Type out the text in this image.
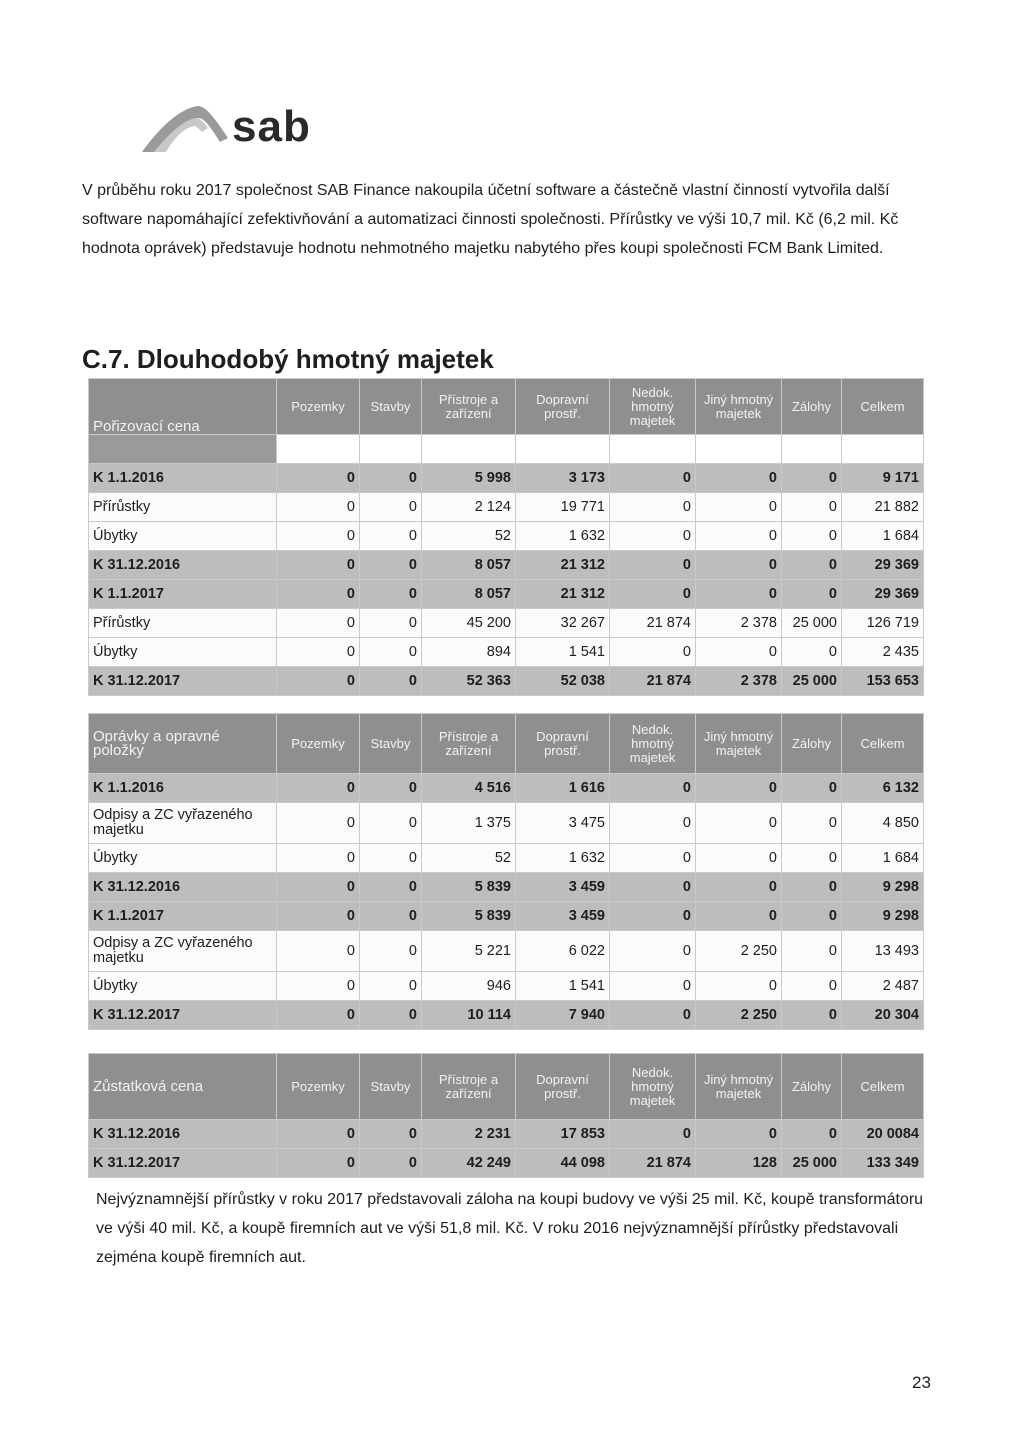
sab
V průběhu roku 2017 společnost SAB Finance nakoupila účetní software a částečně vlastní činností vytvořila další software napomáhající zefektivňování a automatizaci činnosti společnosti. Přírůstky ve výši 10,7 mil. Kč (6,2 mil. Kč hodnota oprávek) představuje hodnotu nehmotného majetku nabytého přes koupi společnosti FCM Bank Limited.
C.7. Dlouhodobý hmotný majetek
Pořizovací cena	Pozemky	Stavby	Přístroje a zařízení	Dopravní prostř.	Nedok. hmotný majetek	Jiný hmotný majetek	Zálohy	Celkem

K 1.1.2016	0	0	5 998	3 173	0	0	0	9 171
Přírůstky	0	0	2 124	19 771	0	0	0	21 882
Úbytky	0	0	52	1 632	0	0	0	1 684
K 31.12.2016	0	0	8 057	21 312	0	0	0	29 369
K 1.1.2017	0	0	8 057	21 312	0	0	0	29 369
Přírůstky	0	0	45 200	32 267	21 874	2 378	25 000	126 719
Úbytky	0	0	894	1 541	0	0	0	2 435
K 31.12.2017	0	0	52 363	52 038	21 874	2 378	25 000	153 653
Oprávky a opravné položky	Pozemky	Stavby	Přístroje a zařízení	Dopravní prostř.	Nedok. hmotný majetek	Jiný hmotný majetek	Zálohy	Celkem
K 1.1.2016	0	0	4 516	1 616	0	0	0	6 132
Odpisy a ZC vyřazeného majetku	0	0	1 375	3 475	0	0	0	4 850
Úbytky	0	0	52	1 632	0	0	0	1 684
K 31.12.2016	0	0	5 839	3 459	0	0	0	9 298
K 1.1.2017	0	0	5 839	3 459	0	0	0	9 298
Odpisy a ZC vyřazeného majetku	0	0	5 221	6 022	0	2 250	0	13 493
Úbytky	0	0	946	1 541	0	0	0	2 487
K 31.12.2017	0	0	10 114	7 940	0	2 250	0	20 304
Zůstatková cena	Pozemky	Stavby	Přístroje a zařízení	Dopravní prostř.	Nedok. hmotný majetek	Jiný hmotný majetek	Zálohy	Celkem
K 31.12.2016	0	0	2 231	17 853	0	0	0	20 0084
K 31.12.2017	0	0	42 249	44 098	21 874	128	25 000	133 349
Nejvýznamnější přírůstky v roku 2017 představovali záloha na koupi budovy ve výši 25 mil. Kč, koupě transformátoru ve výši 40 mil. Kč, a koupě firemních aut ve výši 51,8 mil. Kč. V roku 2016 nejvýznamnější přírůstky představovali zejména koupě firemních aut.
23
